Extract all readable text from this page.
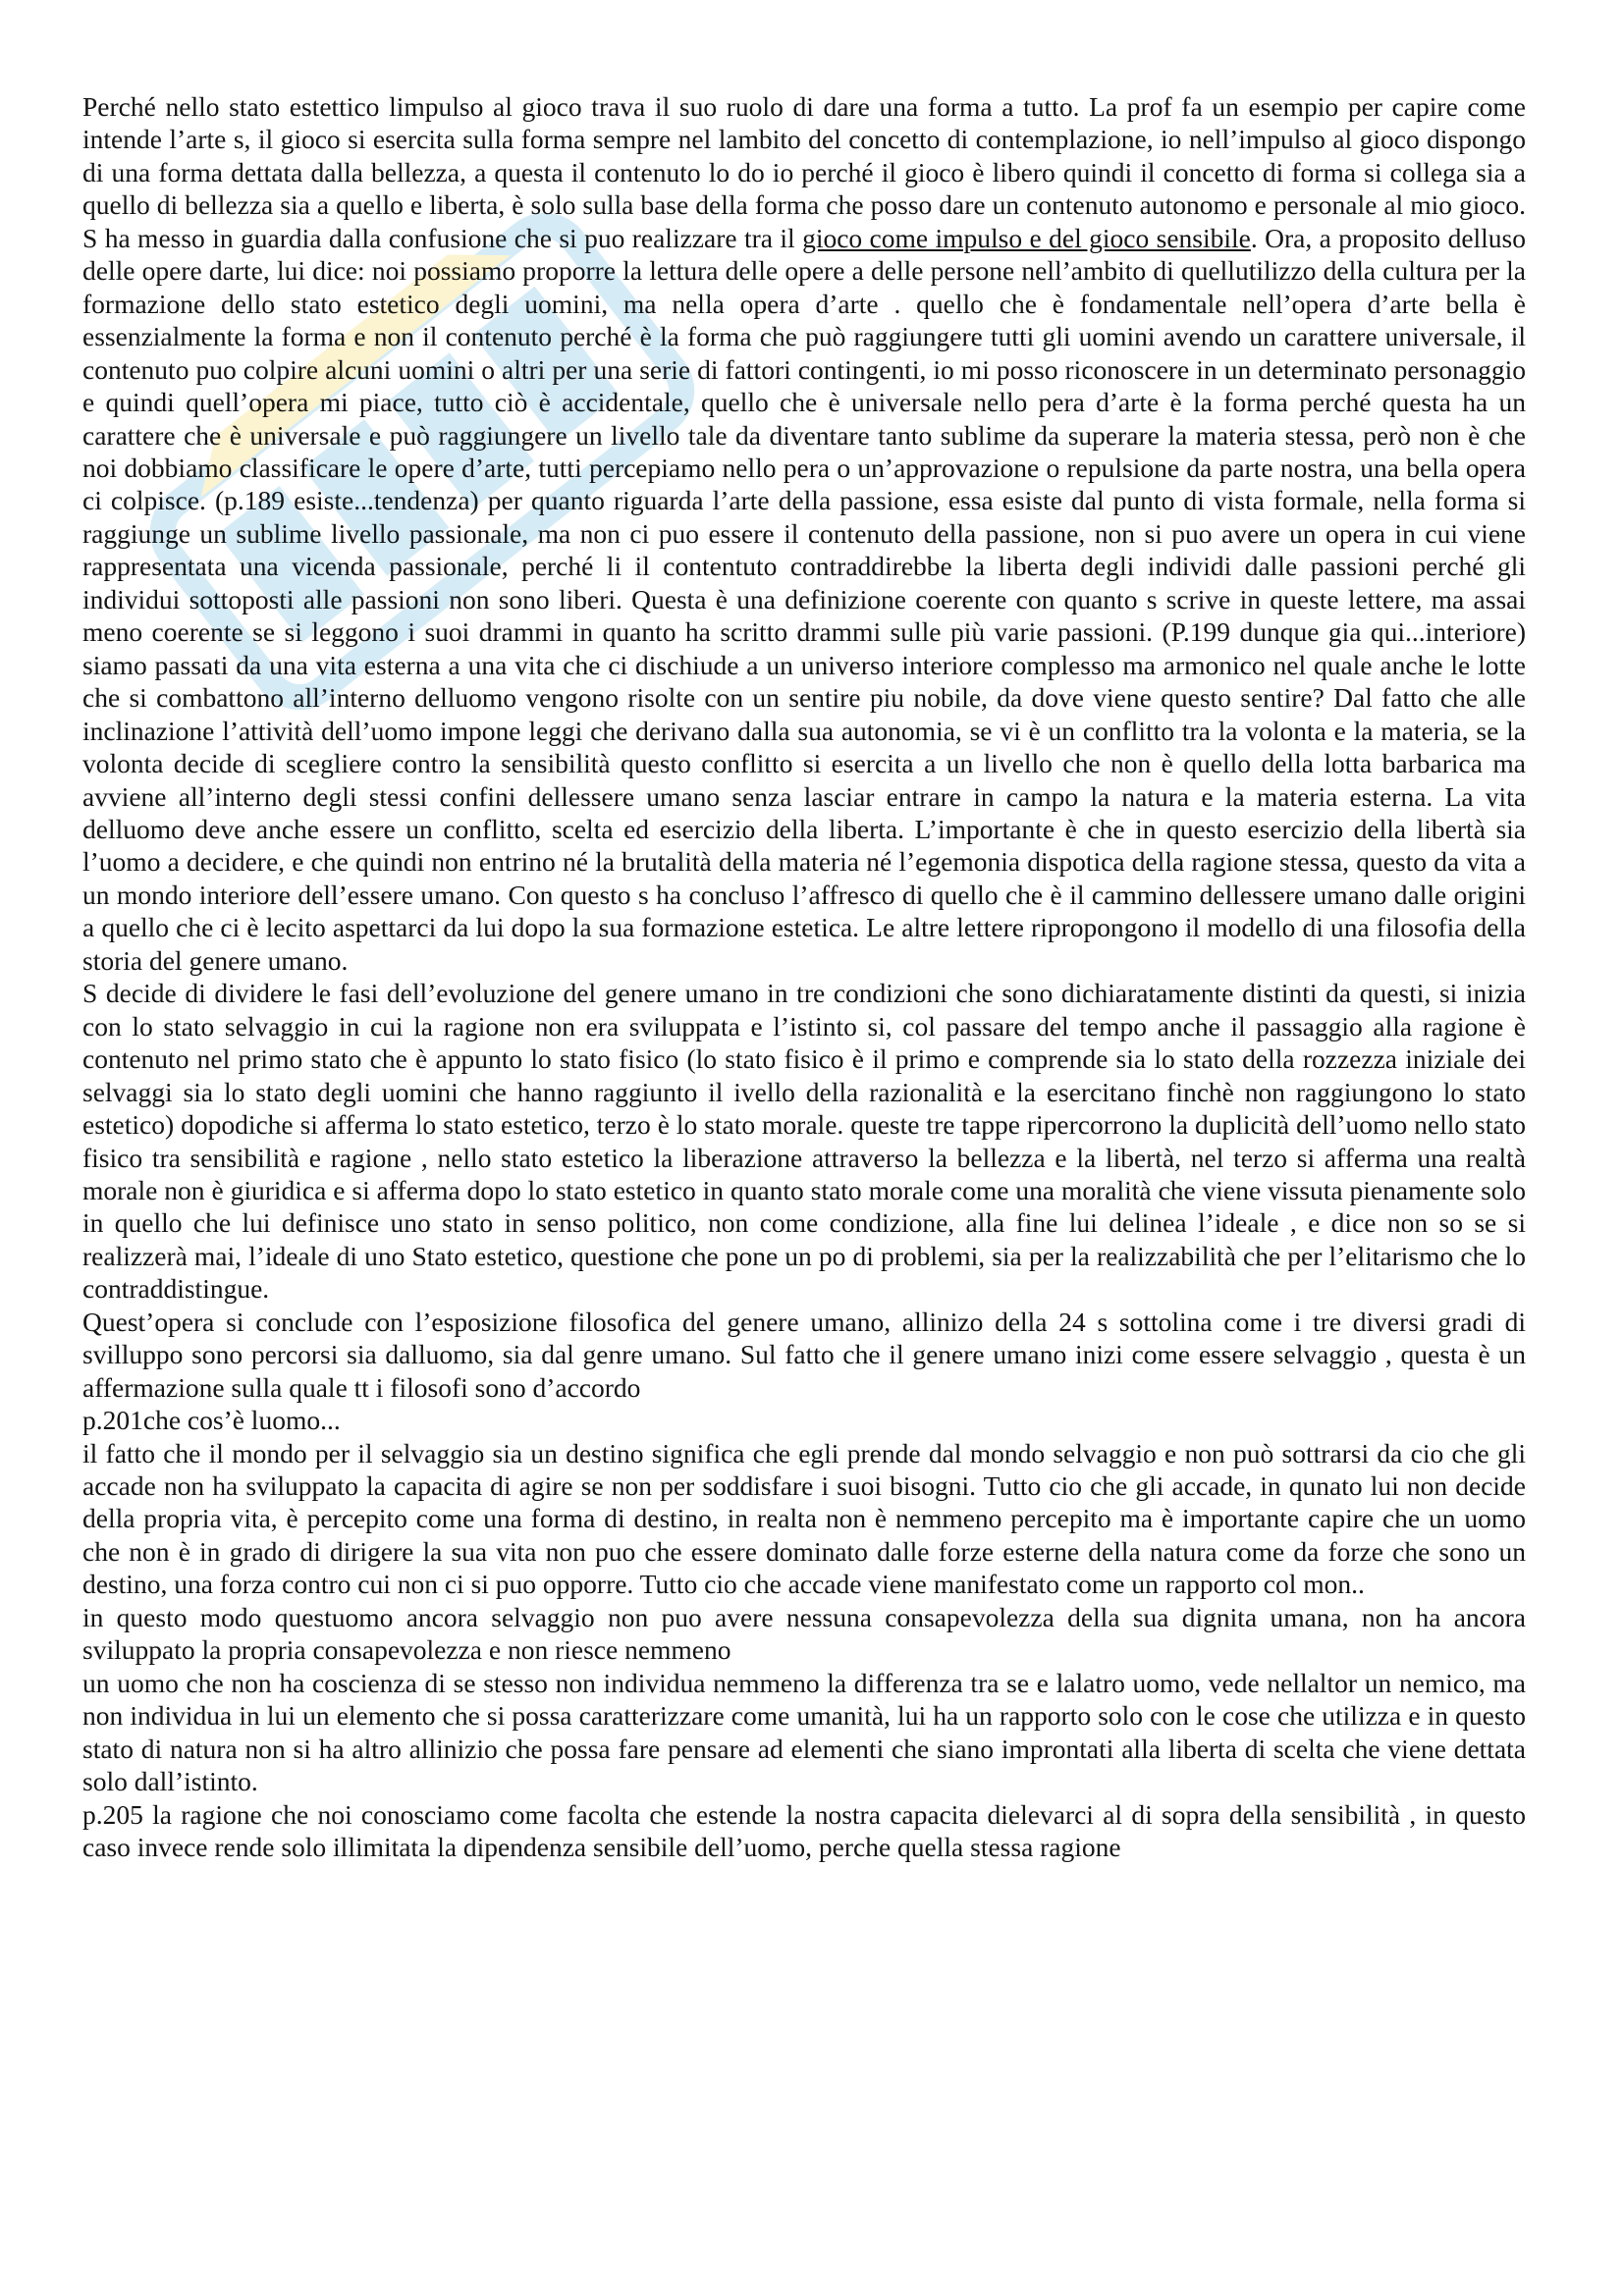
Perché nello stato estettico limpulso al gioco trava il suo ruolo di dare una forma a tutto. La prof fa un esempio per capire come intende l’arte s, il gioco si esercita sulla forma sempre nel lambito del concetto di contemplazione, io nell’impulso al gioco dispongo di una forma dettata dalla bellezza, a questa il contenuto lo do io perché il gioco è libero quindi il concetto di forma si collega sia a quello di bellezza sia a quello e liberta, è solo sulla base della forma che posso dare un contenuto autonomo e personale al mio gioco. S ha messo in guardia dalla confusione che si puo realizzare tra il gioco come impulso e del gioco sensibile. Ora, a proposito delluso delle opere darte, lui dice: noi possiamo proporre la lettura delle opere a delle persone nell’ambito di quellutilizzo della cultura per la formazione dello stato estetico degli uomini, ma nella opera d’arte . quello che è fondamentale nell’opera d’arte bella è essenzialmente la forma e non il contenuto perché è la forma che può raggiungere tutti gli uomini avendo un carattere universale, il contenuto puo colpire alcuni uomini o altri per una serie di fattori contingenti, io mi posso riconoscere in un determinato personaggio e quindi quell’opera mi piace, tutto ciò è accidentale, quello che è universale nello pera d’arte è la forma perché questa ha un carattere che è universale e può raggiungere un livello tale da diventare tanto sublime da superare la materia stessa, però non è che noi dobbiamo classificare le opere d’arte, tutti percepiamo nello pera o un’approvazione o repulsione da parte nostra, una bella opera ci colpisce. (p.189 esiste...tendenza) per quanto riguarda l’arte della passione, essa esiste dal punto di vista formale, nella forma si raggiunge un sublime livello passionale, ma non ci puo essere il contenuto della passione, non si puo avere un opera in cui viene rappresentata una vicenda passionale, perché li il contentuto contraddirebbe la liberta degli individi dalle passioni perché gli individui sottoposti alle passioni non sono liberi. Questa è una definizione coerente con quanto s scrive in queste lettere, ma assai meno coerente se si leggono i suoi drammi in quanto ha scritto drammi sulle più varie passioni. (P.199 dunque gia qui...interiore) siamo passati da una vita esterna a una vita che ci dischiude a un universo interiore complesso ma armonico nel quale anche le lotte che si combattono all’interno delluomo vengono risolte con un sentire piu nobile, da dove viene questo sentire? Dal fatto che alle inclinazione l’attività dell’uomo impone leggi che derivano dalla sua autonomia, se vi è un conflitto tra la volonta e la materia, se la volonta decide di scegliere contro la sensibilità questo conflitto si esercita a un livello che non è quello della lotta barbarica ma avviene all’interno degli stessi confini dellessere umano senza lasciar entrare in campo la natura e la materia esterna. La vita delluomo deve anche essere un conflitto, scelta ed esercizio della liberta. L’importante è che in questo esercizio della libertà sia l’uomo a decidere, e che quindi non entrino né la brutalità della materia né l’egemonia dispotica della ragione stessa, questo da vita a un mondo interiore dell’essere umano. Con questo s ha concluso l’affresco di quello che è il cammino dellessere umano dalle origini a quello che ci è lecito aspettarci da lui dopo la sua formazione estetica. Le altre lettere ripropongono il modello di una filosofia della storia del genere umano.

S decide di dividere le fasi dell’evoluzione del genere umano in tre condizioni che sono dichiaratamente distinti da questi, si inizia con lo stato selvaggio in cui la ragione non era sviluppata e l’istinto si, col passare del tempo anche il passaggio alla ragione è contenuto nel primo stato che è appunto lo stato fisico (lo stato fisico è il primo e comprende sia lo stato della rozzezza iniziale dei selvaggi sia lo stato degli uomini che hanno raggiunto il ivello della razionalità e la esercitano finchè non raggiungono lo stato estetico) dopodiche si afferma lo stato estetico, terzo è lo stato morale. queste tre tappe ripercorrono la duplicità dell’uomo nello stato fisico tra sensibilità e ragione , nello stato estetico la liberazione attraverso la bellezza e la libertà, nel terzo si afferma una realtà morale non è giuridica e si afferma dopo lo stato estetico in quanto stato morale come una moralità che viene vissuta pienamente solo in quello che lui definisce uno stato in senso politico, non come condizione, alla fine lui delinea l’ideale , e dice non so se si realizzerà mai, l’ideale di uno Stato estetico, questione che pone un po di problemi, sia per la realizzabilità che per l’elitarismo che lo contraddistingue.

Quest’opera si conclude con l’esposizione filosofica del genere umano, allinizo della 24 s sottolina come i tre diversi gradi di svilluppo sono percorsi sia dalluomo, sia dal genre umano. Sul fatto che il genere umano inizi come essere selvaggio , questa è un affermazione sulla quale tt i filosofi sono d’accordo

p.201che cos’è luomo...

il fatto che il mondo per il selvaggio sia un destino significa che egli prende dal mondo selvaggio e non può sottrarsi da cio che gli accade non ha sviluppato la capacita di agire se non per soddisfare i suoi bisogni. Tutto cio che gli accade, in qunato lui non decide della propria vita, è percepito come una forma di destino, in realta non è nemmeno percepito ma è importante capire che un uomo che non è in grado di dirigere la sua vita non puo che essere dominato dalle forze esterne della natura come da forze che sono un destino, una forza contro cui non ci si puo opporre. Tutto cio che accade viene manifestato come un rapporto col mon..

in questo modo questuomo ancora selvaggio non puo avere nessuna consapevolezza della sua dignita umana, non ha ancora sviluppato la propria consapevolezza e non riesce nemmeno

un uomo che non ha coscienza di se stesso non individua nemmeno la differenza tra se e lalatro uomo, vede nellaltor un nemico, ma non individua in lui un elemento che si possa caratterizzare come umanità, lui ha un rapporto solo con le cose che utilizza e in questo stato di natura non si ha altro allinizio che possa fare pensare ad elementi che siano improntati alla liberta di scelta che viene dettata solo dall’istinto.

p.205 la ragione che noi conosciamo come facolta che estende la nostra capacita dielevarci al di sopra della sensibilità , in questo caso invece rende solo illimitata la dipendenza sensibile dell’uomo, perche quella stessa ragione
